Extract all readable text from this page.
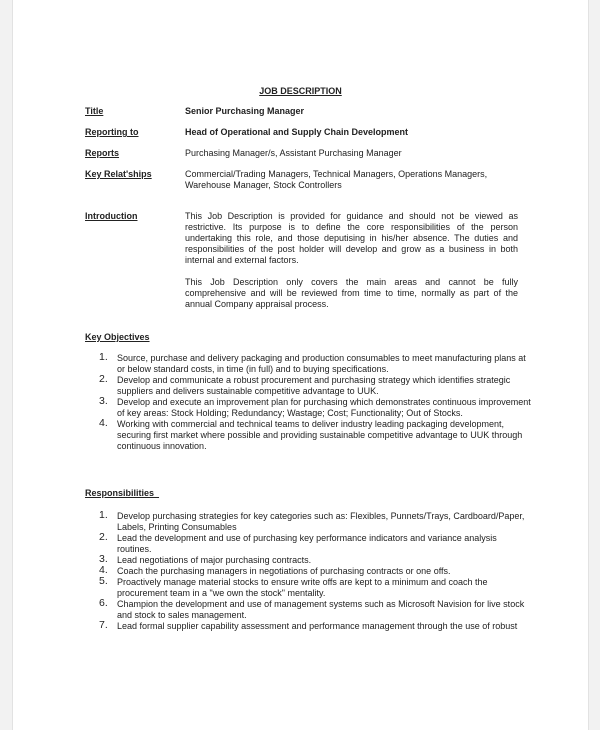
JOB DESCRIPTION
Title	Senior Purchasing Manager
Reporting to	Head of Operational and Supply Chain Development
Reports	Purchasing Manager/s, Assistant Purchasing Manager
Key Relat'ships	Commercial/Trading Managers, Technical Managers, Operations Managers,
Warehouse Manager, Stock Controllers
Introduction	This Job Description is provided for guidance and should not be viewed as restrictive. Its purpose is to define the core responsibilities of the person undertaking this role, and those deputising in his/her absence. The duties and responsibilities of the post holder will develop and grow as a business in both internal and external factors.

This Job Description only covers the main areas and cannot be fully comprehensive and will be reviewed from time to time, normally as part of the annual Company appraisal process.

Key Objectives
1. Source, purchase and delivery packaging and production consumables to meet manufacturing plans at or below standard costs, in time (in full) and to buying specifications.
2. Develop and communicate a robust procurement and purchasing strategy which identifies strategic suppliers and delivers sustainable competitive advantage to UUK.
3. Develop and execute an improvement plan for purchasing which demonstrates continuous improvement of key areas: Stock Holding; Redundancy; Wastage; Cost; Functionality; Out of Stocks.
4. Working with commercial and technical teams to deliver industry leading packaging development, securing first market where possible and providing sustainable competitive advantage to UUK through continuous innovation.
Responsibilities
1. Develop purchasing strategies for key categories such as: Flexibles, Punnets/Trays, Cardboard/Paper, Labels, Printing Consumables
2. Lead the development and use of purchasing key performance indicators and variance analysis routines.
3. Lead negotiations of major purchasing contracts.
4. Coach the purchasing managers in negotiations of purchasing contracts or one offs.
5. Proactively manage material stocks to ensure write offs are kept to a minimum and coach the procurement team in a "we own the stock" mentality.
6. Champion the development and use of management systems such as Microsoft Navision for live stock and stock to sales management.
7. Lead formal supplier capability assessment and performance management through the use of robust
